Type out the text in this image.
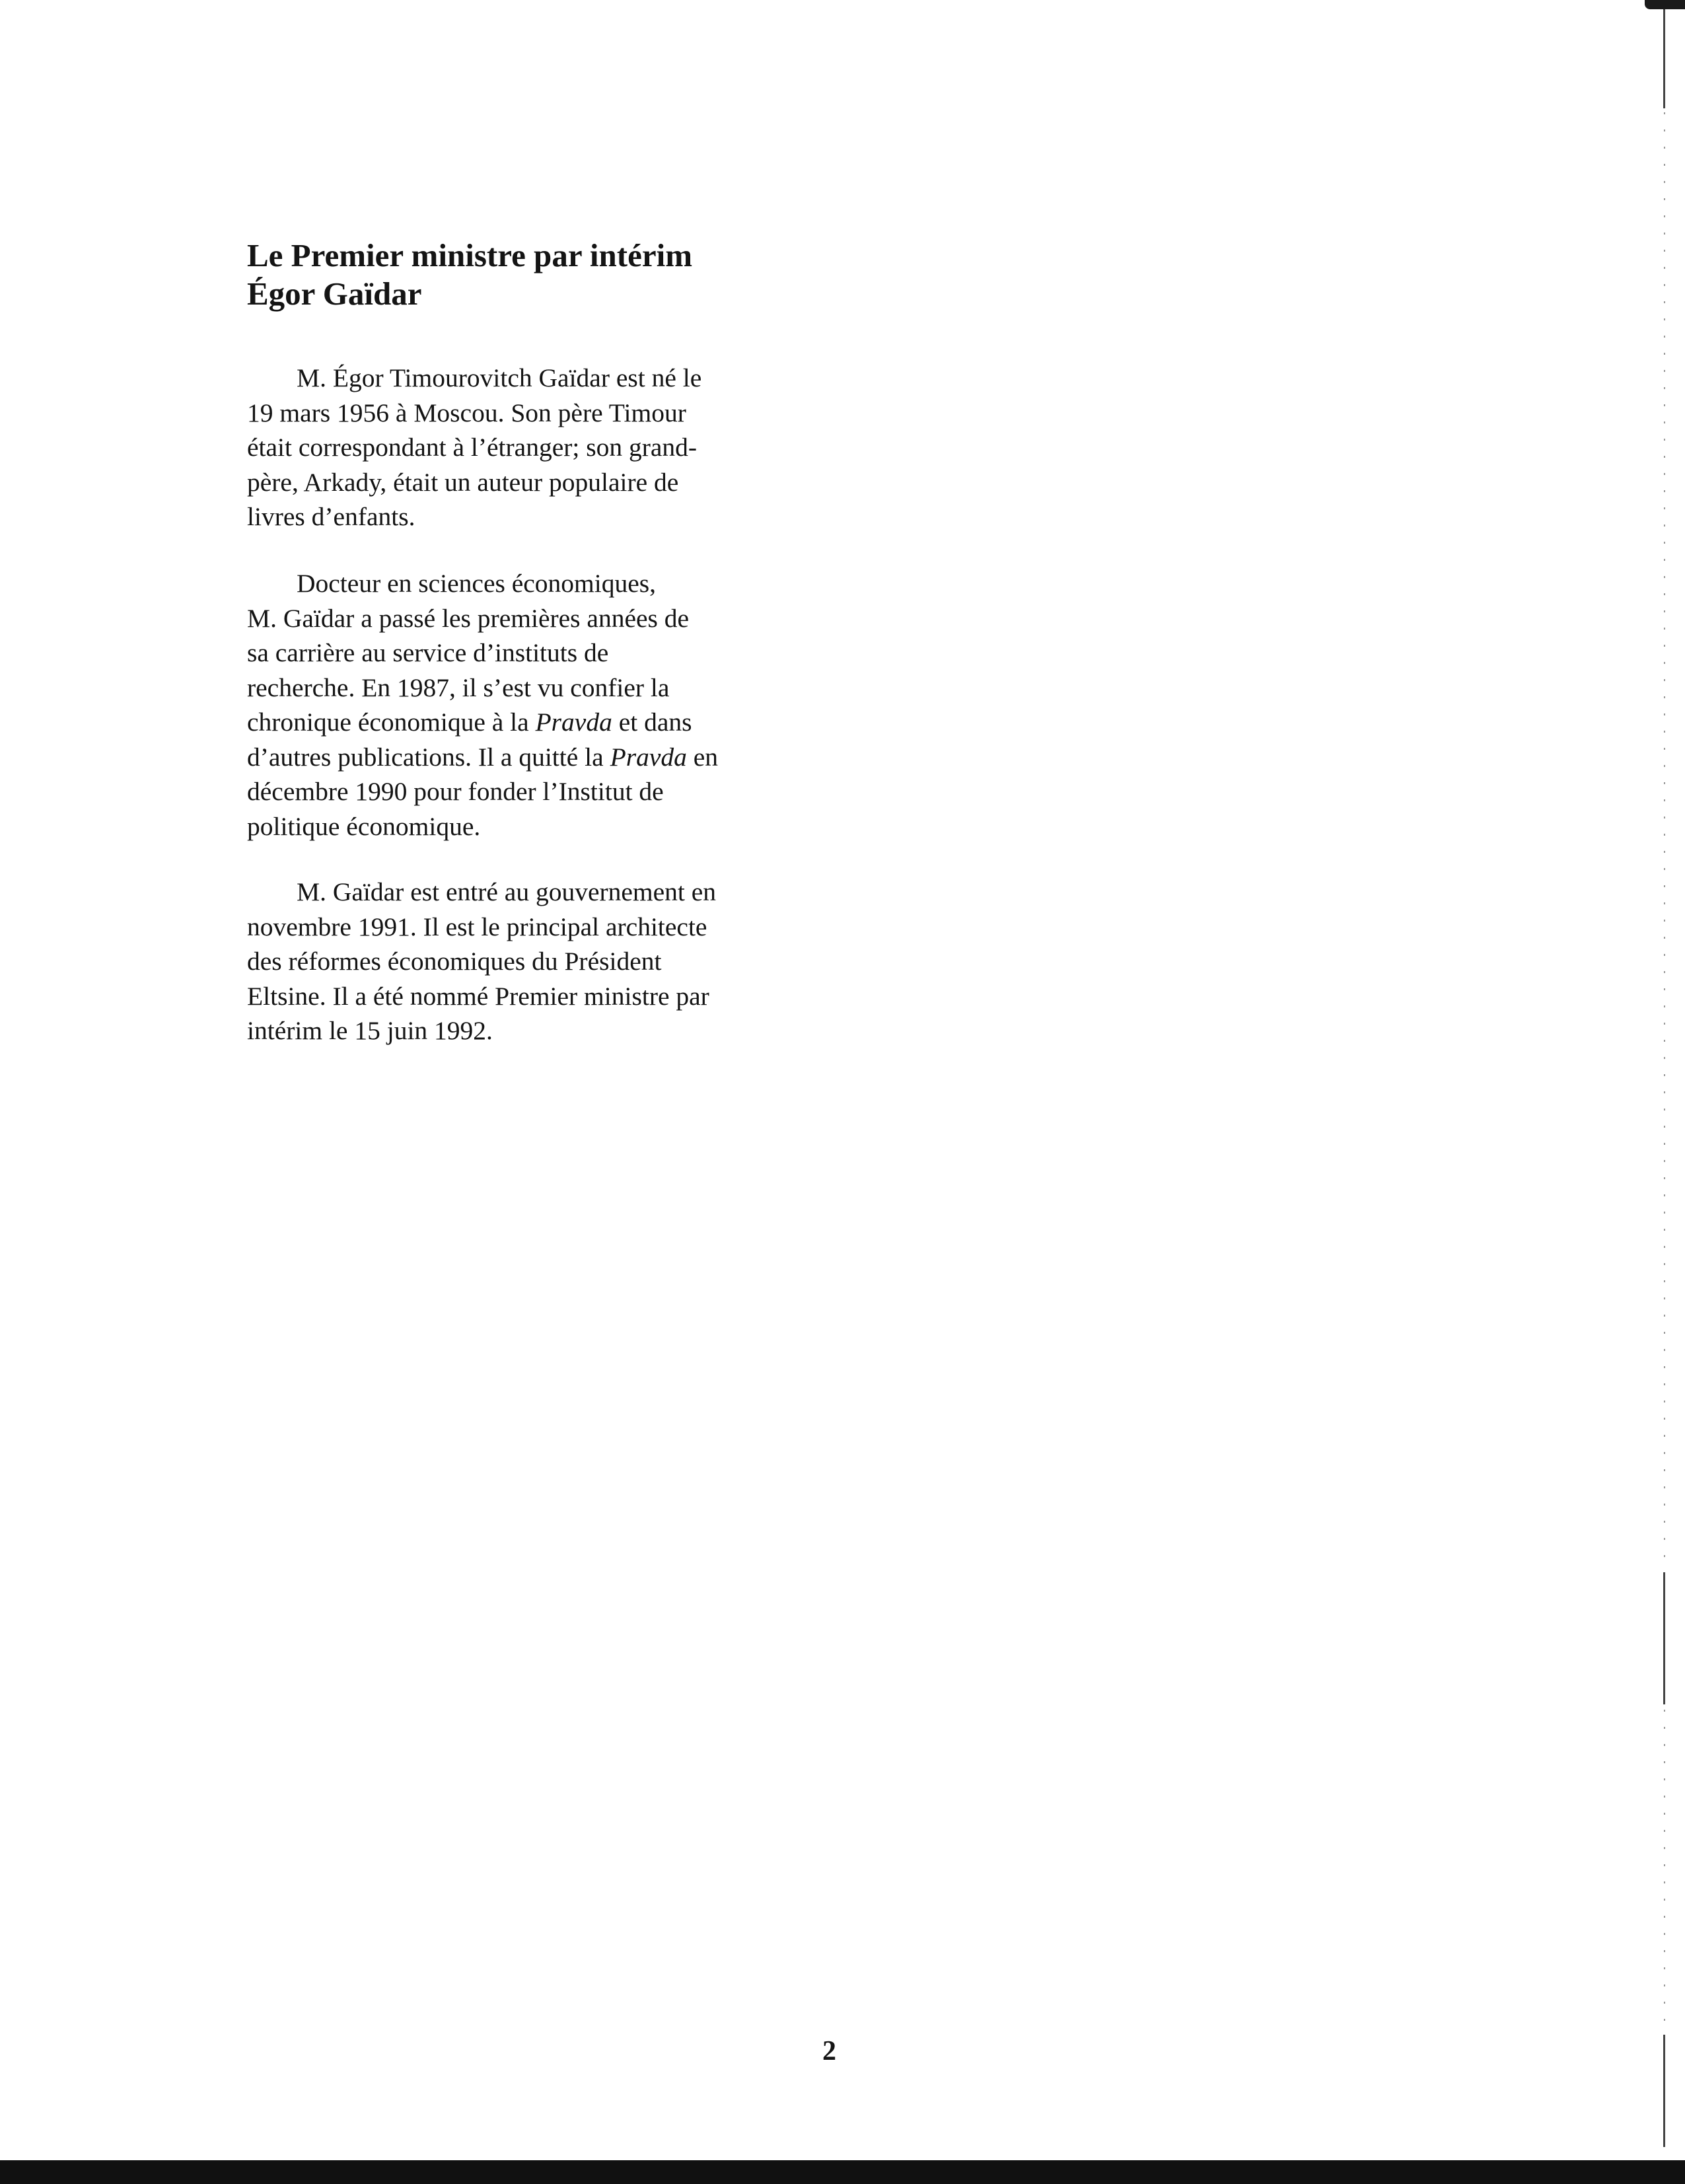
Le Premier ministre par intérim
Égor Gaïdar
M. Égor Timourovitch Gaïdar est né le
19 mars 1956 à Moscou. Son père Timour
était correspondant à l’étranger; son grand-
père, Arkady, était un auteur populaire de
livres d’enfants.
Docteur en sciences économiques,
M. Gaïdar a passé les premières années de
sa carrière au service d’instituts de
recherche. En 1987, il s’est vu confier la
chronique économique à la Pravda et dans
d’autres publications. Il a quitté la Pravda en
décembre 1990 pour fonder l’Institut de
politique économique.
M. Gaïdar est entré au gouvernement en
novembre 1991. Il est le principal architecte
des réformes économiques du Président
Eltsine. Il a été nommé Premier ministre par
intérim le 15 juin 1992.
2
